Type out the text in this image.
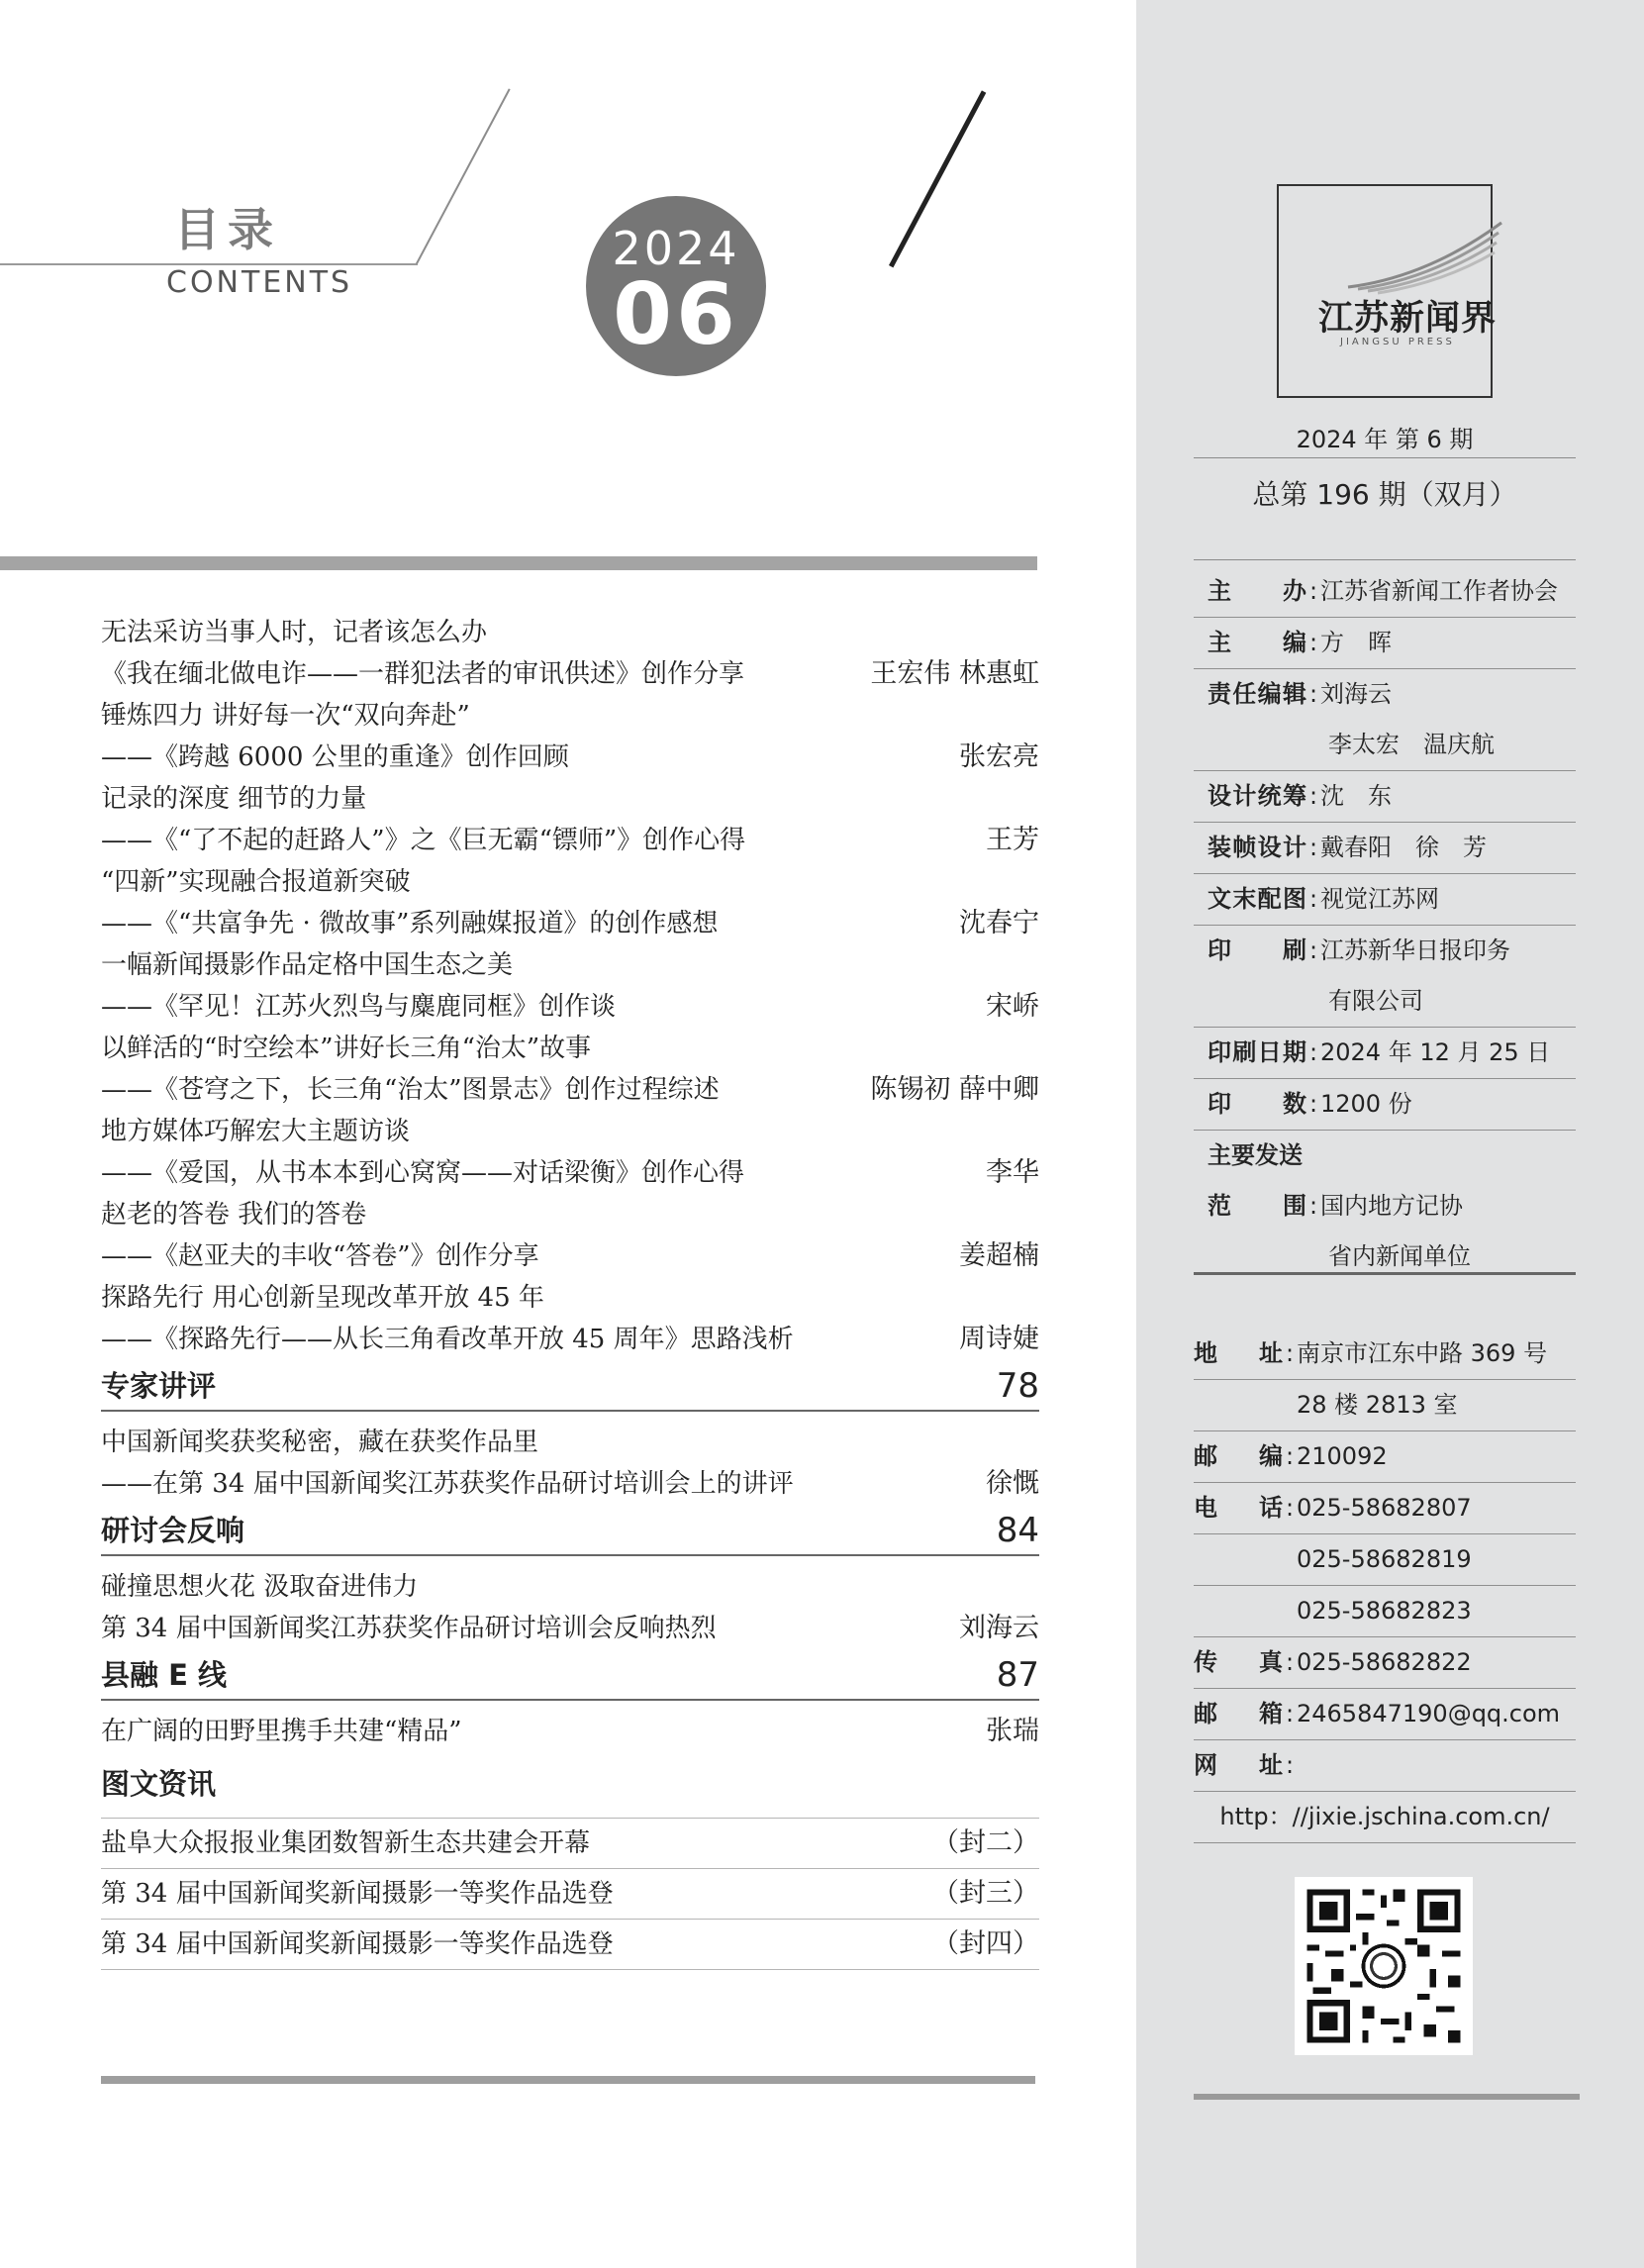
目录
CONTENTS
2024
06
无法采访当事人时，记者该怎么办
《我在缅北做电诈——一群犯法者的审讯供述》创作分享	王宏伟 林惠虹
锤炼四力 讲好每一次“双向奔赴”
——《跨越 6000 公里的重逢》创作回顾	张宏亮
记录的深度 细节的力量
——《“了不起的赶路人”》之《巨无霸“镖师”》创作心得	王芳
“四新”实现融合报道新突破
——《“共富争先 · 微故事”系列融媒报道》的创作感想	沈春宁
一幅新闻摄影作品定格中国生态之美
——《罕见！江苏火烈鸟与麋鹿同框》创作谈	宋峤
以鲜活的“时空绘本”讲好长三角“治太”故事
——《苍穹之下，长三角“治太”图景志》创作过程综述	陈锡初 薛中卿
地方媒体巧解宏大主题访谈
——《爱国，从书本本到心窝窝——对话梁衡》创作心得	李华
赵老的答卷 我们的答卷
——《赵亚夫的丰收“答卷”》创作分享	姜超楠
探路先行 用心创新呈现改革开放 45 年
——《探路先行——从长三角看改革开放 45 周年》思路浅析	周诗婕
专家讲评	78
中国新闻奖获奖秘密，藏在获奖作品里
——在第 34 届中国新闻奖江苏获奖作品研讨培训会上的讲评	徐慨
研讨会反响	84
碰撞思想火花 汲取奋进伟力
第 34 届中国新闻奖江苏获奖作品研讨培训会反响热烈	刘海云
县融 E 线	87
在广阔的田野里携手共建“精品”	张瑞
图文资讯
盐阜大众报报业集团数智新生态共建会开幕	（封二）
第 34 届中国新闻奖新闻摄影一等奖作品选登	（封三）
第 34 届中国新闻奖新闻摄影一等奖作品选登	（封四）
江苏新闻界
JIANGSU PRESS
2024 年 第 6 期
总第 196 期（双月）
主办 : 江苏省新闻工作者协会
主编 : 方　晖
责任编辑 : 刘海云
李太宏　温庆航
设计统筹 : 沈　东
装帧设计 : 戴春阳　徐　芳
文末配图 : 视觉江苏网
印刷 : 江苏新华日报印务
有限公司
印刷日期 : 2024 年 12 月 25 日
印数 : 1200 份
主要发送
范围 : 国内地方记协
省内新闻单位
地址 : 南京市江东中路 369 号
28 楼 2813 室
邮编 : 210092
电话 : 025-58682807
025-58682819
025-58682823
传真 : 025-58682822
邮箱 : 2465847190@qq.com
网址 :
http：//jixie.jschina.com.cn/
